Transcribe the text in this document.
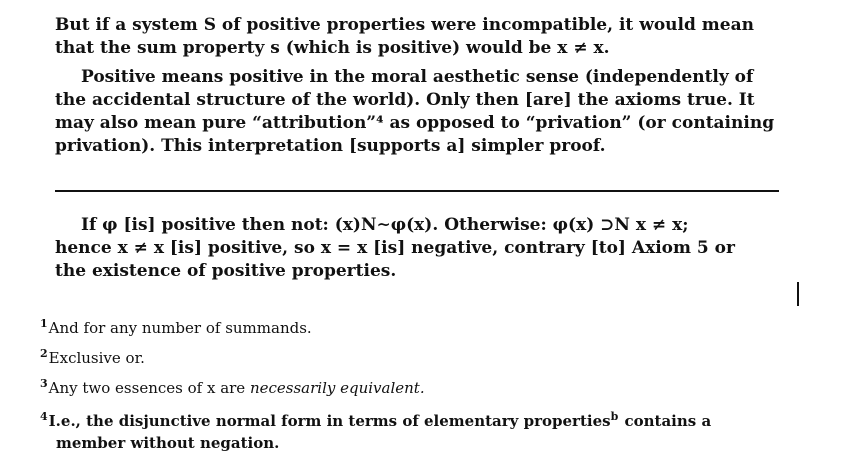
But if a system S of positive properties were incompatible, it would mean
that the sum property s (which is positive) would be x ≠ x.

Positive means positive in the moral aesthetic sense (independently of
the accidental structure of the world). Only then [are] the axioms true. It
may also mean pure “attribution”⁴ as opposed to “privation” (or containing
privation). This interpretation [supports a] simpler proof.

If φ [is] positive then not: (x)N∼φ(x). Otherwise: φ(x) ⊃N x ≠ x;
hence x ≠ x [is] positive, so x = x [is] negative, contrary [to] Axiom 5 or
the existence of positive properties.

$^1$And for any number of summands.

$^2$Exclusive or.

$^3$Any two essences of x are necessarily equivalent.

$^4$I.e., the disjunctive normal form in terms of elementary properties$^b$ contains a
member without negation.
